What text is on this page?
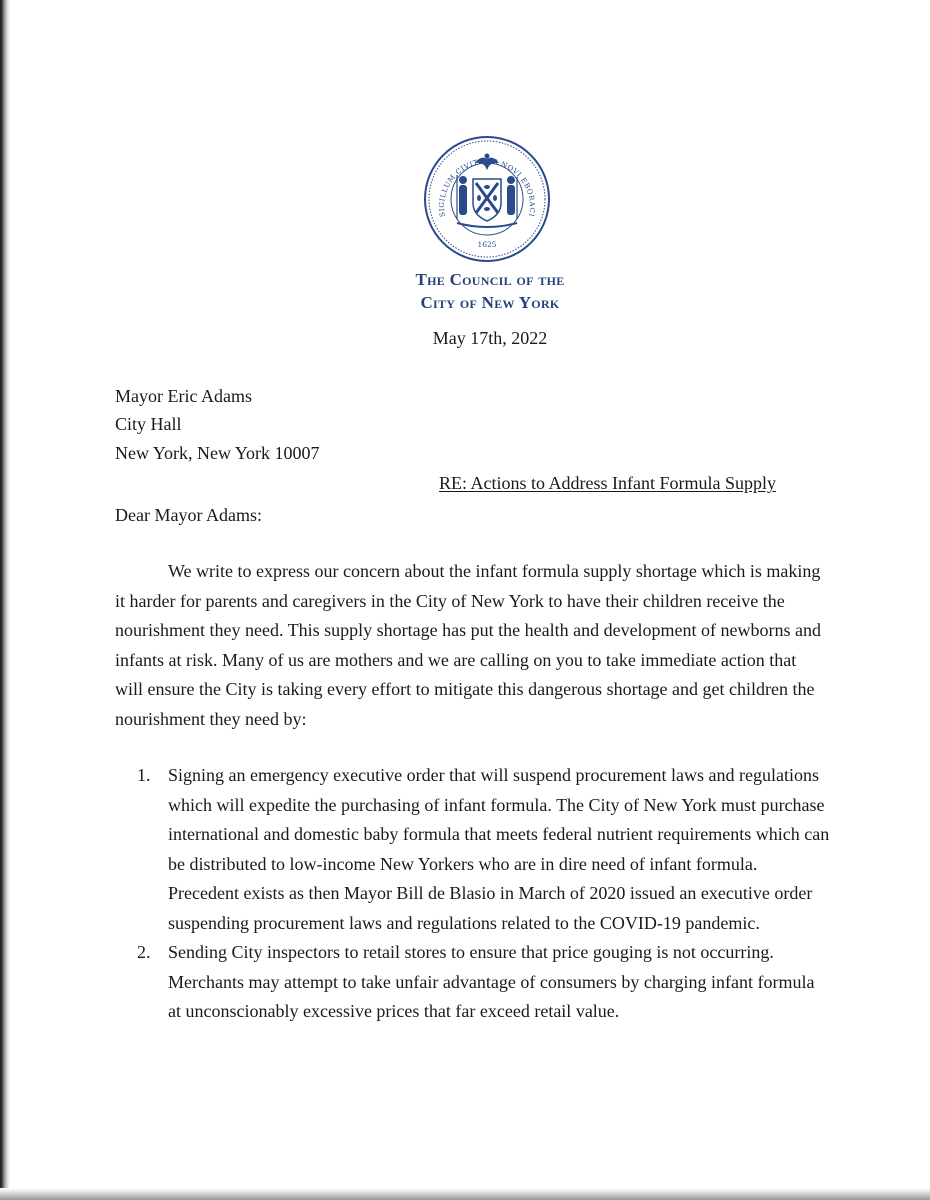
SIGILLUM CIVITATIS NOVI EBORACI
1625
The Council of the
City of New York
May 17th, 2022
Mayor Eric Adams
City Hall
New York, New York 10007
RE: Actions to Address Infant Formula Supply
Dear Mayor Adams:

We write to express our concern about the infant formula supply shortage which is making it harder for parents and caregivers in the City of New York to have their children receive the nourishment they need. This supply shortage has put the health and development of newborns and infants at risk. Many of us are mothers and we are calling on you to take immediate action that will ensure the City is taking every effort to mitigate this dangerous shortage and get children the nourishment they need by:

1. Signing an emergency executive order that will suspend procurement laws and regulations which will expedite the purchasing of infant formula. The City of New York must purchase international and domestic baby formula that meets federal nutrient requirements which can be distributed to low-income New Yorkers who are in dire need of infant formula. Precedent exists as then Mayor Bill de Blasio in March of 2020 issued an executive order suspending procurement laws and regulations related to the COVID-19 pandemic.
2. Sending City inspectors to retail stores to ensure that price gouging is not occurring. Merchants may attempt to take unfair advantage of consumers by charging infant formula at unconscionably excessive prices that far exceed retail value.
